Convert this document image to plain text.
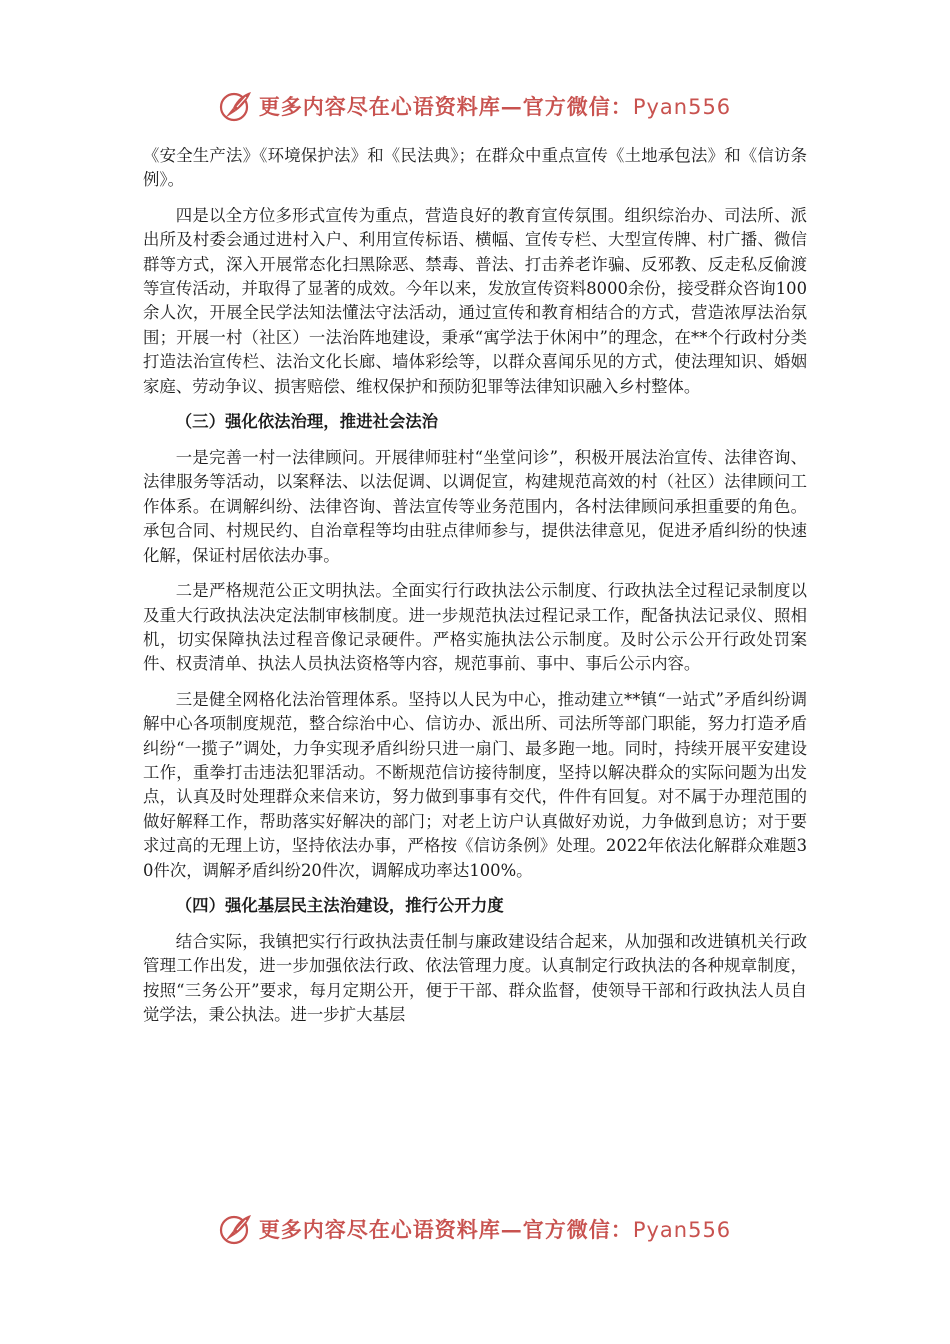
更多内容尽在心语资料库—官方微信：Pyan556

《安全生产法》《环境保护法》和《民法典》；在群众中重点宣传《土地承包法》和《信访条例》。

四是以全方位多形式宣传为重点，营造良好的教育宣传氛围。组织综治办、司法所、派出所及村委会通过进村入户、利用宣传标语、横幅、宣传专栏、大型宣传牌、村广播、微信群等方式，深入开展常态化扫黑除恶、禁毒、普法、打击养老诈骗、反邪教、反走私反偷渡等宣传活动，并取得了显著的成效。今年以来，发放宣传资料8000余份，接受群众咨询100余人次，开展全民学法知法懂法守法活动，通过宣传和教育相结合的方式，营造浓厚法治氛围；开展一村（社区）一法治阵地建设，秉承“寓学法于休闲中”的理念，在**个行政村分类打造法治宣传栏、法治文化长廊、墙体彩绘等，以群众喜闻乐见的方式，使法理知识、婚姻家庭、劳动争议、损害赔偿、维权保护和预防犯罪等法律知识融入乡村整体。

（三）强化依法治理，推进社会法治

一是完善一村一法律顾问。开展律师驻村“坐堂问诊”，积极开展法治宣传、法律咨询、法律服务等活动，以案释法、以法促调、以调促宣，构建规范高效的村（社区）法律顾问工作体系。在调解纠纷、法律咨询、普法宣传等业务范围内，各村法律顾问承担重要的角色。承包合同、村规民约、自治章程等均由驻点律师参与，提供法律意见，促进矛盾纠纷的快速化解，保证村居依法办事。

二是严格规范公正文明执法。全面实行行政执法公示制度、行政执法全过程记录制度以及重大行政执法决定法制审核制度。进一步规范执法过程记录工作，配备执法记录仪、照相机，切实保障执法过程音像记录硬件。严格实施执法公示制度。及时公示公开行政处罚案件、权责清单、执法人员执法资格等内容，规范事前、事中、事后公示内容。

三是健全网格化法治管理体系。坚持以人民为中心，推动建立**镇“一站式”矛盾纠纷调解中心各项制度规范，整合综治中心、信访办、派出所、司法所等部门职能，努力打造矛盾纠纷“一揽子”调处，力争实现矛盾纠纷只进一扇门、最多跑一地。同时，持续开展平安建设工作，重拳打击违法犯罪活动。不断规范信访接待制度，坚持以解决群众的实际问题为出发点，认真及时处理群众来信来访，努力做到事事有交代，件件有回复。对不属于办理范围的做好解释工作，帮助落实好解决的部门；对老上访户认真做好劝说，力争做到息访；对于要求过高的无理上访，坚持依法办事，严格按《信访条例》处理。2022年依法化解群众难题30件次，调解矛盾纠纷20件次，调解成功率达100%。

（四）强化基层民主法治建设，推行公开力度

结合实际，我镇把实行行政执法责任制与廉政建设结合起来，从加强和改进镇机关行政管理工作出发，进一步加强依法行政、依法管理力度。认真制定行政执法的各种规章制度，按照“三务公开”要求，每月定期公开，便于干部、群众监督，使领导干部和行政执法人员自觉学法，秉公执法。进一步扩大基层

更多内容尽在心语资料库—官方微信：Pyan556
